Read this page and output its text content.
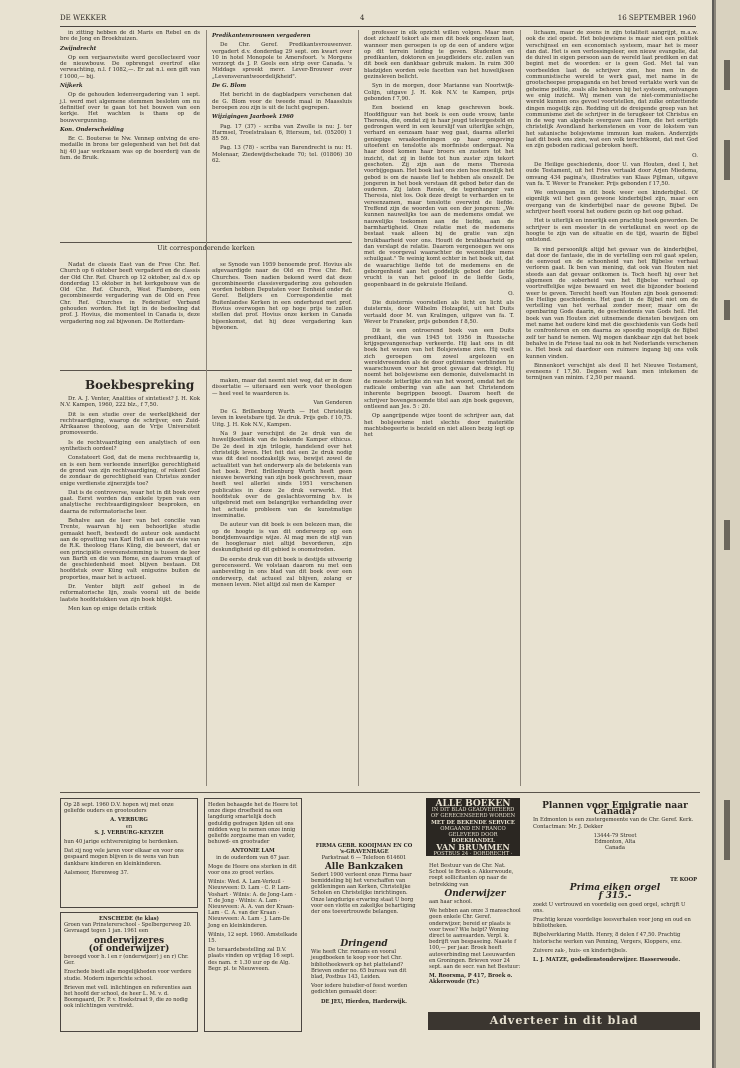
DE WEKKER	4	16 SEPTEMBER 1960

in zitting hebben de di Maris en Rebel en ds bre de Jong en Broekhuizen.

Zwijndrecht

Op een verjaarsvisite werd gecollecteerd voor de nieuwbouw. De opbrengst overtrof elke verwachting, n.l. f 1082,—. Er zat n.l. een gift van f 1000,— bij.

Nijkerk

Op de gehouden ledenvergadering van 1 sept. j.l. werd met algemene stemmen besloten om nu definitief over te gaan tot het bouwen van een kerkje. Het wachten is thans op de bouwvergunning.

Kon. Onderscheiding

Br. C. Bouterse te Nw. Vennep ontving de ere-medaille in brons ter gelegenheid van het feit dat hij 40 jaar werkzaam was op de boerderij van de fam. de Bruik.

Predikantenvrouwen vergaderen

De Chr. Geref. Predikantsvrouwenver. vergadert d.v. donderdag 29 sept. om kwart over 10 in hotel Monopole te Amersfoort. 's Morgens verzorgt ds J. P. Geels een strip over Canada. 's Middags spreekt mevr. Lever-Brouwer over „Levensverantwoordelijkheid".

De G. Blom

Het bericht in de dagbladpers verschenen dat de G. Blom voor de tweede maal in Maassluis beroepen zou zijn is uit de lucht gegrepen.

Wijzigingen Jaarboek 1960

Pag. 17 (37) - scriba van Zwolle is nu: J. ter Harmsel, Troelstralaan 6, Ittersum, tel. (05200) 1 85 59.

Pag. 13 (78) - scriba van Barendrecht is nu: H. Molenaar, Ziedewijdschekade 70; tel. (01806) 30 62.

Uit corresponderende kerken

Nadat de classis East van de Free Chr. Ref. Church op 6 oktober beeft vergaderd en de classis der Old Chr. Ref. Church op 12 oktober, zal d.v. op donderdag 13 oktober in het kerkgebouw van de Old Chr. Ref. Church, West Flamboro, een gecombineerde vergadering van de Old en Free Chr. Ref. Churches in Federatief Verband gehouden worden. Het ligt in de bedoeling dat prof. J. Hovius, die momenteel in Canada is, deze vergadering nog zal bijwonen. De Rotterdam-

se Synode van 1959 benoemde prof. Hovius als afgevaardigde naar de Old en Free Chr. Ref. Churches. Toen nadien bekend werd dat deze gecombineerde classisvergadering zou gehouden worden hebben Deputaten voor Eenheid onder de Geref. Belijders en Correspondentie met Buitenlandse Kerken in een onderhoud met prof. Hovius overwogen het op hoge prijs te zullen stellen dat prof. Hovius onze kerken in Canada bijeenkomst, dat hij deze vergadering kan bijwonen.

Boekbespreking

Dr. A. J. Venter, Analities of sintetiest? J. H. Kok N.V. Kampen, 1960, 222 blz., f 7,50.

Dit is een studie over de werkelijkheid der rechtvaardiging, waarop de schrijver, een Zuid-Afrikaanse theoloog, aan de Vrije Universiteit promoveerde.

Is de rechtvaardiging een analytisch of een synthetisch oordeel?

Constateert God, dat de mens rechtvaardig is, en is een hem verleende innerlijke gerechtigheid de grond van zijn rechtvaardiging, of rekent God de zondaar de gerechtigheid van Christus zonder enige verdienste zijnerzijds toe?

Dat is de controverse, waar het in dit boek over gaat. Eerst worden dan enkele typen van een analytische rechtvaardigingsleer besproken, en daarna de reformatorische leer.

Behalve aan de leer van het concilie van Trente, waarvan hij een behoorlijke studie gemaakt heeft, besteedt de auteur ook aandacht aan de opvatting van Karl Holl en aan de visie van de R.K. theoloog Hans Küng, die beweert, dat er een principiële overeenstemming is tussen de leer van Barth en die van Rome, en daarom vraagt of de geschiedenheid moet blijven bestaan. Dit hoofdstuk over Küng valt enigszins buiten de proporties, maar het is actueel.

Dr. Venter blijft zelf geheel in de reformatorische lijn, zoals vooral uit de beide laatste hoofdstukken van zijn boek blijkt.

Men kan op enige details critiek

maken, maar dat neemt niet weg, dat er in deze dissertatie — uiteraard een werk voor theologen — heel veel te waarderen is.

Van Genderen

De G. Brillenburg Wurth — Het Christelijk leven in kwetsbare tijd. 2e druk. Prijs geb. f 10,75. Uitg. J. H. Kok N.V., Kampen.

Na 9 jaar verschijnt de 2e druk van de huwelijksethiek van de bekende Kamper ethicus. De 2e deel in zijn trilogie, handelend over het christelijk leven. Het feit dat een 2e druk nodig was dit deel noodzakelijk was, bewijst zowel de actualiteit van het onderwerp als de betekenis van het boek. Prof. Brillenburg Wurth heeft geen nieuwe bewerking van zijn boek geschreven, maar heeft wel allerlei sinds 1951 verschenen publicaties in deze 2e druk verwerkt. Het hoofdstuk over de geslachtsvorming b.v. is uitgebreid met een belangrijke verhandeling over het actuele probleem van de kunstmatige inseminatie.

De auteur van dit boek is een belezen man, die op de hoogte is van dit onderwerp op een bondjdemvaardige wijze. Al mag men de stijl van de hoogleraar niet altijd bevorderen, zijn deskundigheid op dit gebied is onomstreden.

De eerste druk van dit boek is destijds uitvoerig gerecenseerd. We volstaan daarom nu met een aanbeveling in ons blad van dit boek over een onderwerp, dat actueel zal blijven, zolang er mensen leven. Niet altijd zal men de Kamper

professor in elk opzicht willen volgen. Maar men doet zichzelf tekort als men dit boek ongelezen laat, wanneer men geroepen is op de een of andere wijze op dit terrein leiding te geven. Studenten en predikanten, doktoren en jeugdleiders etc. zullen van dit boek een dankbaar gebruik maken. In ruim 300 bladzijden worden vele facetten van het huwelijksen gezinsleven belicht.

Syn in de morgen, door Marianne van Noortwijk-Colijn, uitgave J. H. Kok N.V. te Kampen, prijs gebonden f 7,90.

Een boeiend en knap geschreven boek. Hoofdfiguur van het boek is een oude vrouw, tante Theresia, die, omdat zij in haar jeugd teleurgesteld en gedrongen werd in een keurslijf van uiterlijke schijn, verhard en eenzaam haar weg gaat, daarna allerlei geniepige wraakoefeningen op haar omgeving uitoefent en tenslotte als morfiniste ondergaat. Na haar dood komen haar broers en zusters tot het inzicht, dat zij in liefde tot hun zuster zijn tekort geschoten. Zij zijn aan de mens Theresia voorbijgegaan. Het boek laat ons zien hoe moeilijk het gebod is om de naaste lief te hebben als onszelf. De jongeren in het boek verstaan dit gebod beter dan de ouderen. Zij laten Renée, de tegenhanger van Theresia, niet los. Ook deze dreigt te verharden en te vereenzamen, maar tenslotte overwint de liefde. Treffend zijn de woorden van een der jongeren: „We kunnen nauwelijks toe aan de medemens omdat we nauwelijks toekomen aan de liefde, aan de barmhartigheid. Onze relatie met de medemens bestaat vaak alleen bij de gratie van zijn bruikbaarheid voor ons. Houdt de bruikbaarheid op dan verslapt de relatie. Daarom vergenoegen we ons met de voorgeval waarachter de wezenlijke mens schuilgaat." Te weinig komt echter in het boek uit, dat de waarachtige liefde tot de medemens en de geborgenheid aan het goddelijk gebod der liefde vrucht is van het geloof in de liefde Gods, geopenbaard in de gekruiste Heiland.

O.

Die duisternis voorstellen als licht en licht als duisternis, door Wilhelm Holzapfel, uit het Duits vertaald door M. van Kralingen, uitgave van fa. T. Wever te Franeker, prijs gebonden f 8,50.

Dit is een ontroerend boek van een Duits predikant, die van 1945 tot 1956 in Russische krijgsgevangenschap verkeerde. Hij laat ons in dit boek het wezen van het Bolsjewisme zien. Hij voelt zich geroepen om zowel argelozen en wereldvreemden als de door optimisme verblinden te waarschuwen voor het groot gevaar dat dreigt. Hij noemt het bolsjewisme een demonie, duivelsmacht in de meeste letterlijke zin van het woord, omdat het de radicale ombering van alle aan het Christendom inherente begrippen beoogt. Daarom heeft de schrijver bovengenoemde titel aan zijn boek gegeven, ontleend aan Jes. 5 : 20.

Op aangrijpende wijze toont de schrijver aan, dat het bolsjewisme niet slechts door materiële machtsbegeerte is bezield en niet alleen bezig legt op het

lichaam, maar de zoens in zijn totaliteit aangrijpt, m.a.w. ook de ziel opeist. Het bolsjewisme is maar niet een politiek verschijnsel en een economisch systeem, maar het is meer dan dat. Het is een verlossingsleer, een nieuw evangelie, dat de duivel in eigen persoon aan de wereld laat prediken en dat begint met de woorden: er is geen God. Met tal van voorbeelden laat de schrijver zien, hoe men in de communistische wereld te werk gaat, met name in de grootscheepse propaganda en het breed vertakte werk van de geheime politie, zoals alle behoren bij het systeem, ontvangen we enig inzicht. Wij menen van de niet-communistische wereld kunnen ons gevoel voortstellen, dat zulke ontzettende dingen mogelijk zijn. Redding uit de dreigende greep van het communisme ziet de schrijver in de terugkeer tot Christus en in de weg van algehele overgave aan Hem, die het eertijds christelijk Avondland herkenstenen en voor de lokstem van het satanische bolsjewisme immuun kan maken. Anderzijds laat dit boek ons zien, wat een volk terechtkomt, dat met God en zijn geboden radicaal gebroken heeft.

O.

De Heilige geschiedenis, door U. van Houten, deel I, het oude Testament, uit het Fries vertaald door Arjen Miedema, omvang 434 pagina's, illustraties van Klaas Pijlman, uitgave van fa. T. Wever te Franeker. Prijs gebonden f 17,50.

We ontvangen in dit boek weer een kinderbijbel. Of eigenlijk wil het geen gewone kinderbijbel zijn, maar een overgang van de kinderbijbel naar de gewone Bijbel. De schrijver heeft vooral het oudere gezin op het oog gehad.

Het is uiterlijk en innerlijk een prachtig boek geworden. De schrijver is een meester in de vertelkunst en weet op de hoogte te zijn van de situatie en de tijd, waarin de Bijbel ontstond.

Ik vind persoonlijk altijd het gevaar van de kinderbijbel, dat door de fantasie, die in de vertelling een rol gaat spelen, de eenvoud en de schoonheid van het Bijbelse verhaal verloren gaat. Ik ben van mening, dat ook van Houten niet steeds aan dat gevaar ontkomen is. Toch heeft hij over het algemeen de soberheid van het Bijbelse verhaal op voortreffelijke wijze bewaard en weet die bijzonder boeiend weer te geven. Terecht heeft van Houten zijn boek genoemd: De Heilige geschiedenis. Het gaat in de Bijbel niet om de vertelling van het verhaal zonder meer, maar om de openbaring Gods daarin, de geschiedenis van Gods heil. Het boek van van Houten ziet uitnemende diensten bewijzen om met name het oudere kind met die geschiedenis van Gods heil te confronteren en om daarna zo spoedig mogelijk de Bijbel zelf ter hand te nemen. Wij mogen dankbaar zijn dat het boek behalve in de Friese taal nu ook in het Nederlands verschenen is. Het boek zal daardoor een ruimere ingang bij ons volk kunnen vinden.

Binnenkort verschijnt als deel II het Nieuwe Testament, eveneens f 17,50. Degeen wel kan men intekenen de termijnen van minim. f 2,50 per maand.

Op 28 sept. 1960 D.V. hopen wij met onze geliefde ouders en grootouders

A. VERBURG
en

S. J. VERBURG-KEYZER

hun 40 jarige echtvereniging te herdenken.

Dat zij nog vele jaren voor elkaar en voor ons gespaard mogen blijven is de wens van hun dankbare kinderen en kleinkinderen.

Aalsmeer, Herenweg 37.
ENSCHEDE (te klas)

Groen van Prinstererschool - Spelbergerweg 20. Gevraagd tegen 1 jan. 1961 een

onderwijzeres
(of onderwijzer)

bevoegd voor h. l en r (onderwijzer) j en r) Chr. Ger.

Enschede biedt alle mogelijkheden voor verdere studie. Modern ingerichte school.

Brieven met vell. inlichtingen en referenties aan het hoofd der school, de heer L. M. v. d. Boomgaard, Dr. P. v. Hoekstraat 9, die zo nodig ook inlichtingen verstrekt.

Heden behaagde het de Heere tot onze diepe droefheid na een langdurig smartelijk doch geduldig gedragen lijden uit ons midden weg te nemen onze innig geliefde zorgzame man en vader, behuwd- en grootvader

ANTONIE LAM

in de ouderdom van 67 jaar.

Moge de Heere ons sterken in dit voor ons zo groot verlies.

Wilnis: Wed. A. Lam-Verkuil · Nieuwveen: D. Lam · C. P. Lam-Voshart · Wilnis: A. de Jong-Lam · T. de Jong · Wilnis: A. Lam · Nieuwveen: A. A. van der Kraan-Lam · C. A. van der Kraan · Nieuwveen: A. Lam · J. Lam-De Jong en kleinkinderen.

Wilnis, 12 sept. 1960. Amstelkade 15.

De teraardebestelling zal D.V. plaats vinden op vrijdag 16 sept. des nam. ± 1.30 uur op de Alg. Begr. pl. te Nieuwveen.
FIRMA GEBR. KOOIJMAN EN CO
's-GRAVENHAGE
Parkstraat 6 — Telefoon 614601
Alle Bankzaken
Sedert 1900 verleent onze Firma haar bemiddeling bij het verschaffen van geldleningen aan Kerken, Christelijke Scholen en Christelijke inrichtingen. Onze langdurige ervaring staat U borg voor een vlotte en zakelijke behartiging der ons toevertrouwde belangen.
Dringend

Wie heeft Chr. romans en vooral jeugdboeken te koop voor het Chr. bibliotheekwerk op het platteland? Brieven onder no. 65 bureau van dit blad, Postbus 143, Leiden.

Voor iedere huisdier-of feest worden gedichten gemaakt door:

DE JEU, Hierden, Harderwijk.
ALLE BOEKEN
IN DIT BLAD GEADVERTEERD OF GERECENSEERD WORDEN
MET DE BEKENDE SERVICE
OMGAAND EN FRANCO GELEVERD DOOR
BOEKHANDEL
VAN BRUMMEN
POSTBUS 24 · DORDRECHT · GIRO 37403

Het Bestuur van de Chr. Nat. School te Broek o. Akkerwoude, roept sollicitanten op naar de betrekking van

Onderwijzer

aan haar school.

We hebben aan onze 3 mansschool geen enkele Chr. Geref. onderwijzer, bereid er plaats is voor twee? Wie helpt? Woning direct te aanvaarden. Verpl. k. bedrijft van bespaseing. Naaste f 100,— per jaar. Broek heeft autoverbinding met Leeuwarden en Groningen. Brieven voor 24 sept. aan de secr. van het Bestuur:

M. Roorsma, P 417, Broek o. Akkerwoude (Fr.)
Plannen voor Emigratie naar Canada?

In Edmonton is een zustergemeente van de Chr. Geref. Kerk. Contactman: Mr. J. Dekker

13444-79 Street
Edmonton, Alta
Canada
TE KOOP
Prima eiken orgel
f 315.-

zoekt U vertrouwd en voordelig een goed orgel, schrijft U ons.

Prachtig keuze voordelige leesverhalen voor jong en oud en bibliotheken.

Bijbelverklaring Matth. Henry, 8 delen f 47,50. Prachtig historische werken van Penning, Vergers, Kloppers, enz.

Zuivere zak-, huis- en kinderbijbels.

L. J. MATZE, godsdienstonderwijzer. Hasserwoude.
Adverteer in dit blad
